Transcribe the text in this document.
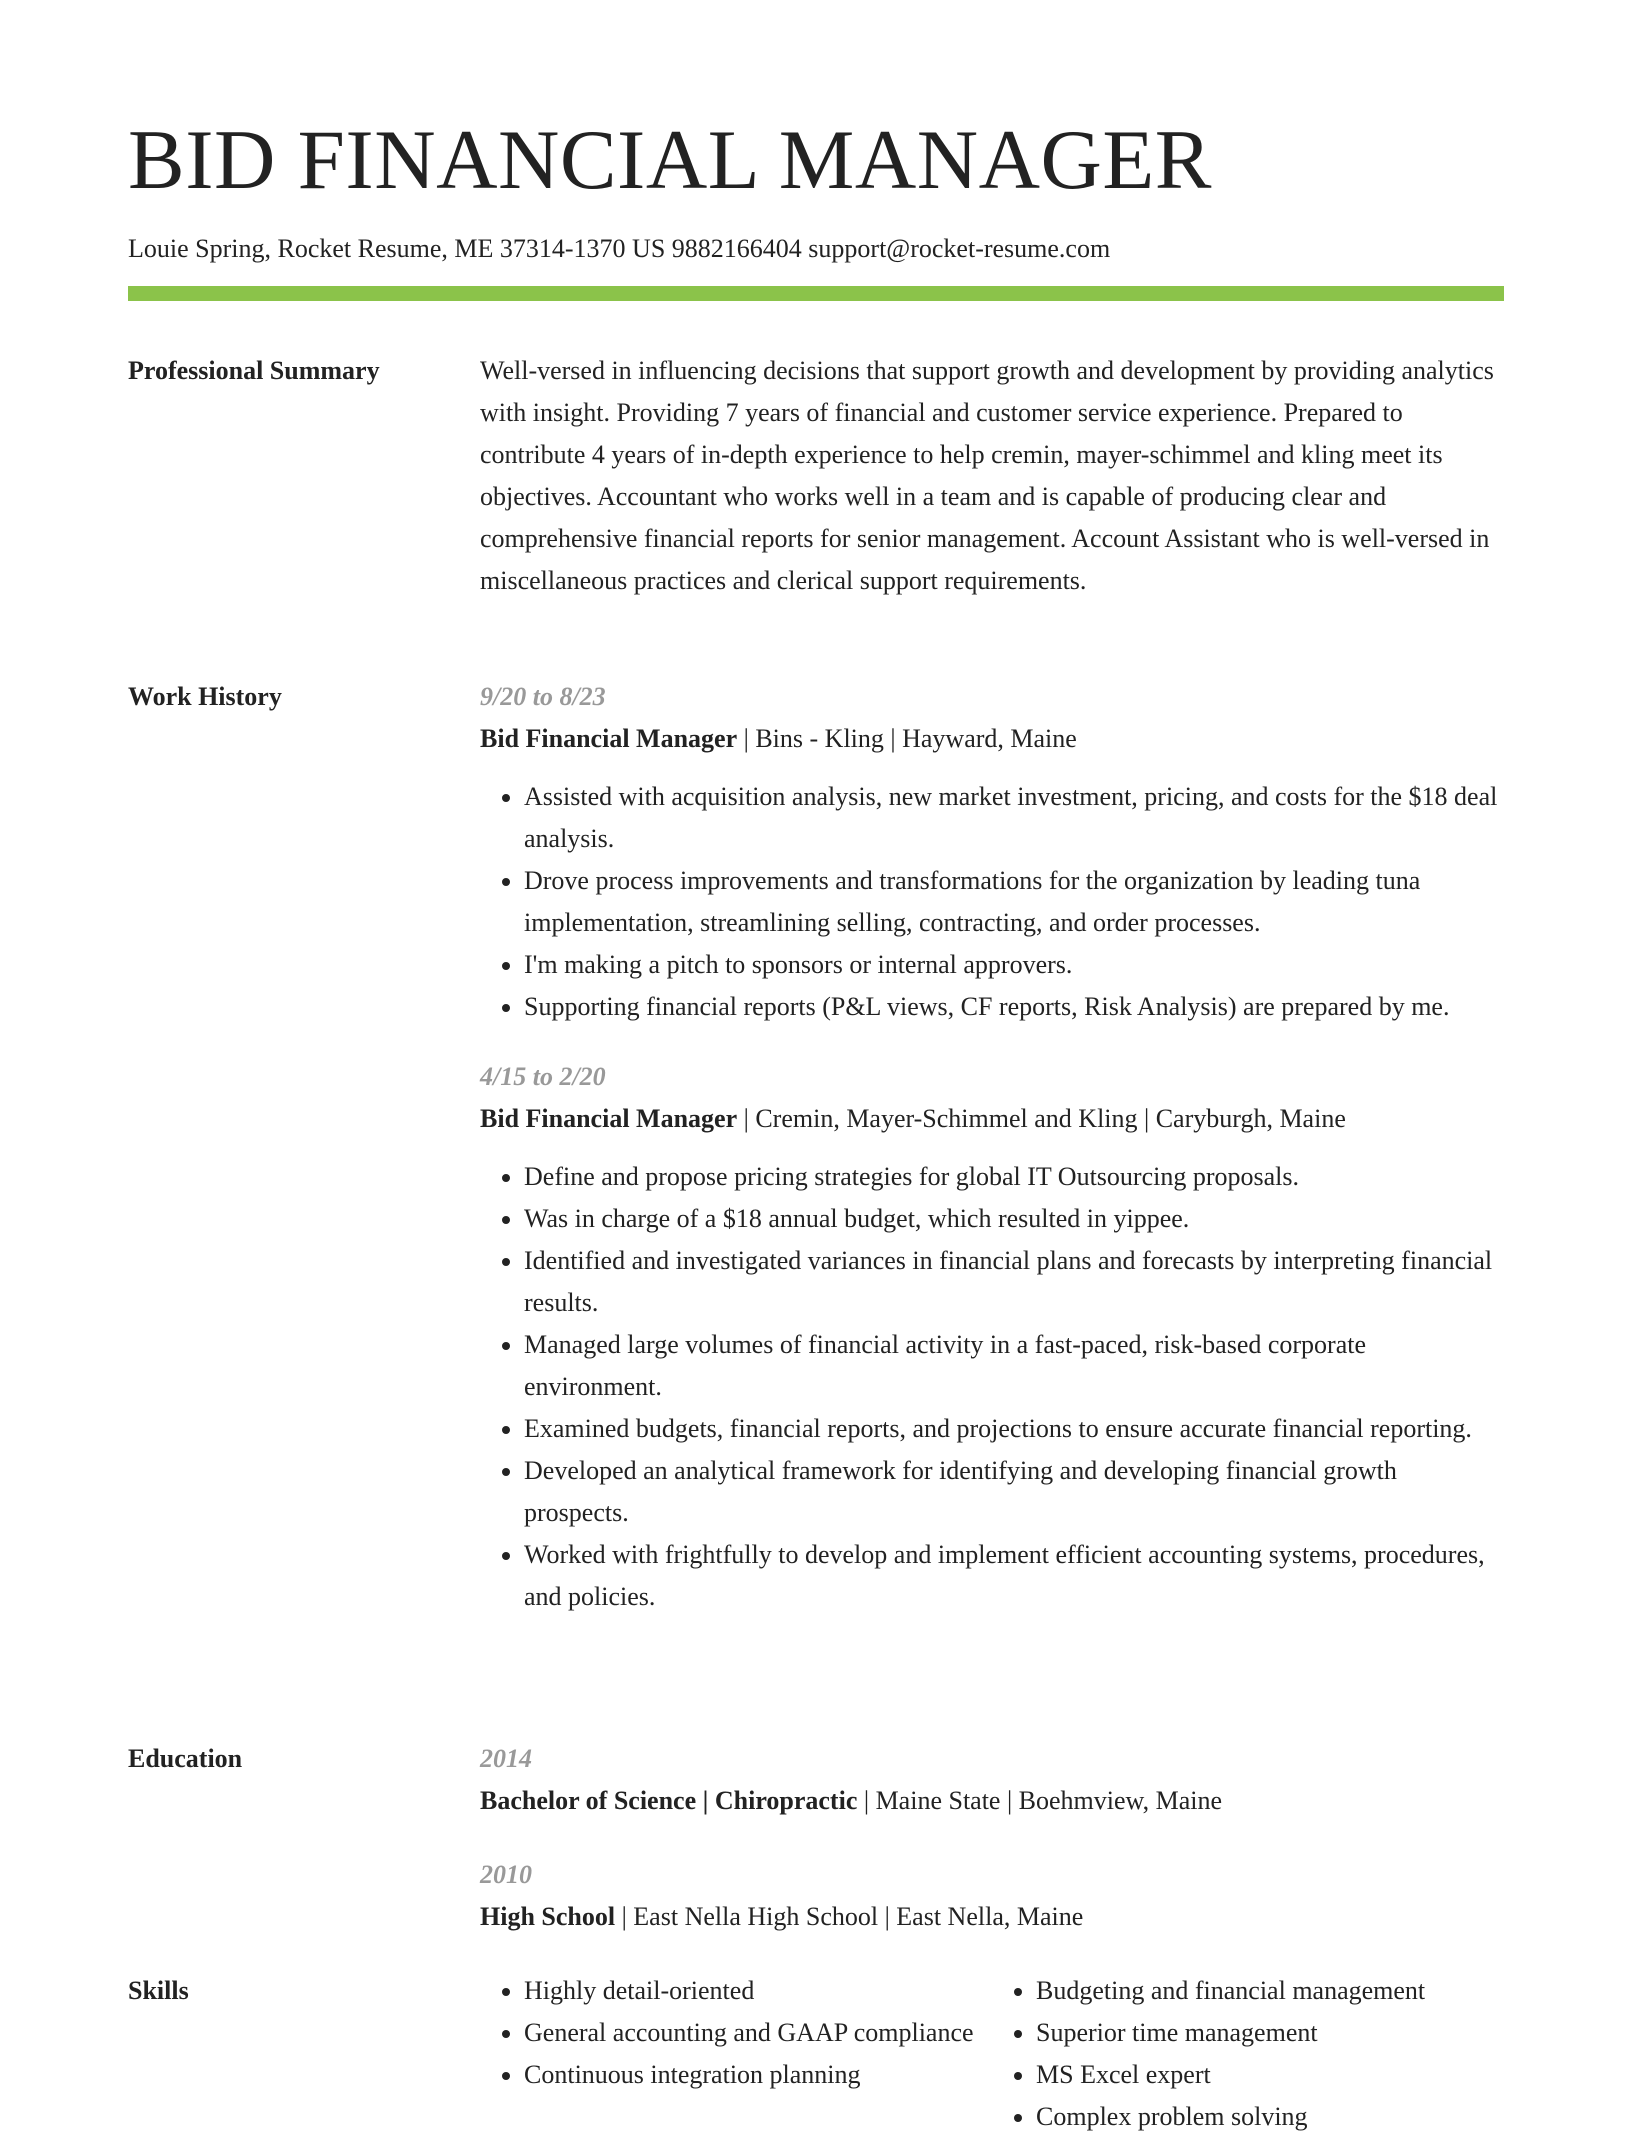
BID FINANCIAL MANAGER
Louie Spring, Rocket Resume, ME 37314-1370 US 9882166404 support@rocket-resume.com
Professional Summary	Well-versed in influencing decisions that support growth and development by providing analytics with insight. Providing 7 years of financial and customer service experience. Prepared to contribute 4 years of in-depth experience to help cremin, mayer-schimmel and kling meet its objectives. Accountant who works well in a team and is capable of producing clear and comprehensive financial reports for senior management. Account Assistant who is well-versed in miscellaneous practices and clerical support requirements.

Work History	9/20 to 8/23
Bid Financial Manager | Bins - Kling | Hayward, Maine
• Assisted with acquisition analysis, new market investment, pricing, and costs for the $18 deal analysis.
• Drove process improvements and transformations for the organization by leading tuna implementation, streamlining selling, contracting, and order processes.
• I'm making a pitch to sponsors or internal approvers.
• Supporting financial reports (P&L views, CF reports, Risk Analysis) are prepared by me.
4/15 to 2/20
Bid Financial Manager | Cremin, Mayer-Schimmel and Kling | Caryburgh, Maine
• Define and propose pricing strategies for global IT Outsourcing proposals.
• Was in charge of a $18 annual budget, which resulted in yippee.
• Identified and investigated variances in financial plans and forecasts by interpreting financial results.
• Managed large volumes of financial activity in a fast-paced, risk-based corporate environment.
• Examined budgets, financial reports, and projections to ensure accurate financial reporting.
• Developed an analytical framework for identifying and developing financial growth prospects.
• Worked with frightfully to develop and implement efficient accounting systems, procedures, and policies.
Education	2014
Bachelor of Science | Chiropractic | Maine State | Boehmview, Maine
2010
High School | East Nella High School | East Nella, Maine
Skills
•	Highly detail-oriented
• General accounting and GAAP compliance
• Continuous integration planning
• Budgeting and financial management
• Superior time management
• MS Excel expert
• Complex problem solving
